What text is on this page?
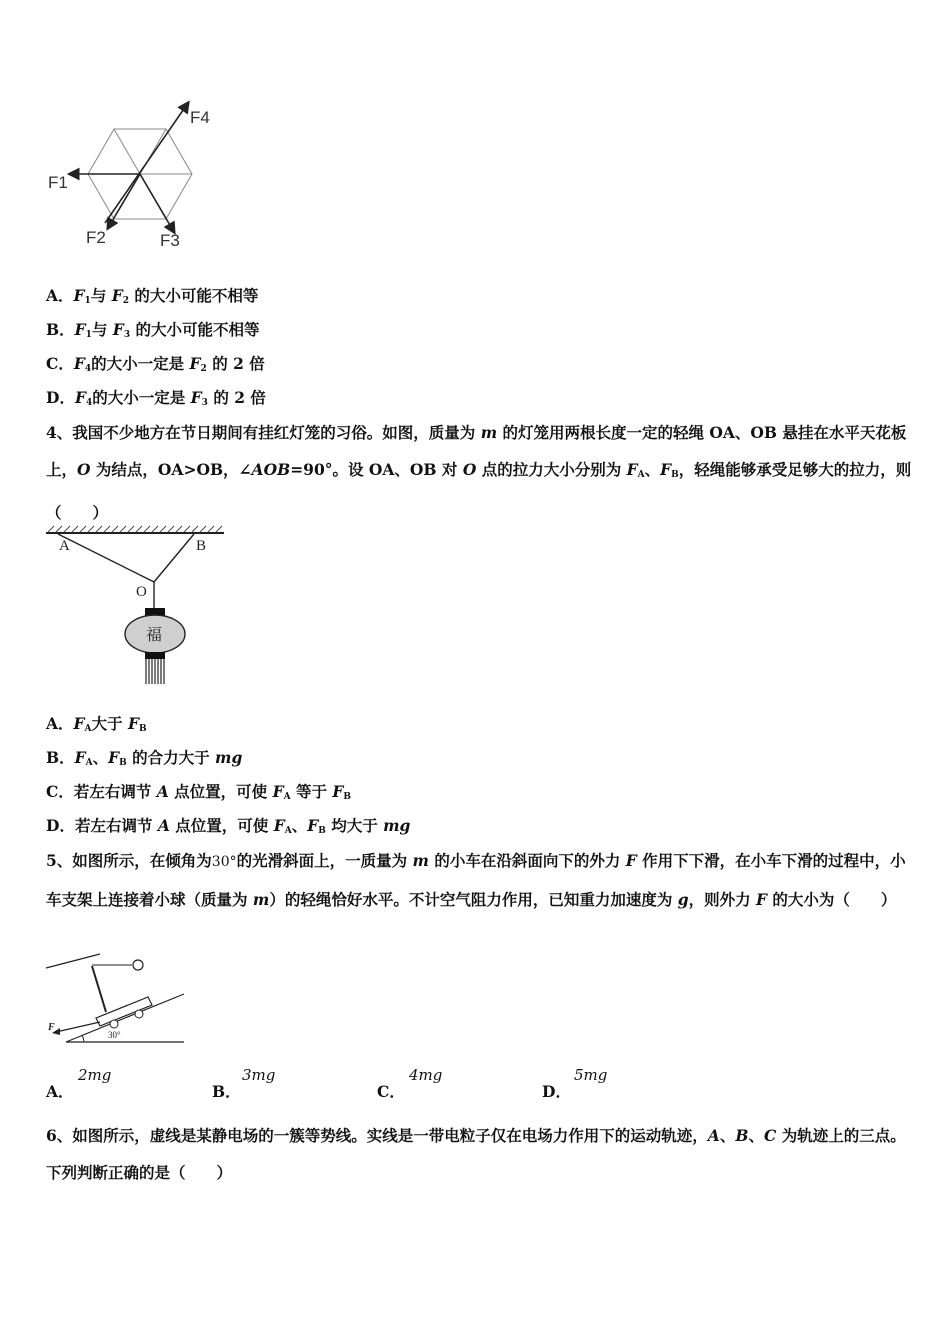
F1
F2	F3
F4
A．$F_1$与 $F_2$ 的大小可能不相等
B．$F_1$与 $F_3$ 的大小可能不相等
C．$F_4$的大小一定是 $F_2$ 的 2 倍
D．$F_4$的大小一定是 $F_3$ 的 2 倍
4、我国不少地方在节日期间有挂红灯笼的习俗。如图，质量为 m 的灯笼用两根长度一定的轻绳 OA、OB 悬挂在水平天花板上，O 为结点，OA>OB，∠AOB=90°。设 OA、OB 对 O 点的拉力大小分别为 $F_A$、$F_B$，轻绳能够承受足够大的拉力，则（　　）
A	B
O
福
A．$F_A$大于 $F_B$
B．$F_A$、$F_B$ 的合力大于 mg
C．若左右调节 A 点位置，可使 $F_A$ 等于 $F_B$
D．若左右调节 A 点位置，可使 $F_A$、$F_B$ 均大于 mg
5、如图所示，在倾角为30°的光滑斜面上，一质量为 m 的小车在沿斜面向下的外力 F 作用下下滑，在小车下滑的过程中，小车支架上连接着小球（质量为 m）的轻绳恰好水平。不计空气阻力作用，已知重力加速度为 g，则外力 F 的大小为（　　）
F
30°
A．
2mg
B．
3mg
C．
4mg
D．
5mg
6、如图所示，虚线是某静电场的一簇等势线。实线是一带电粒子仅在电场力作用下的运动轨迹，A、B、C 为轨迹上的三点。下列判断正确的是（　　）
